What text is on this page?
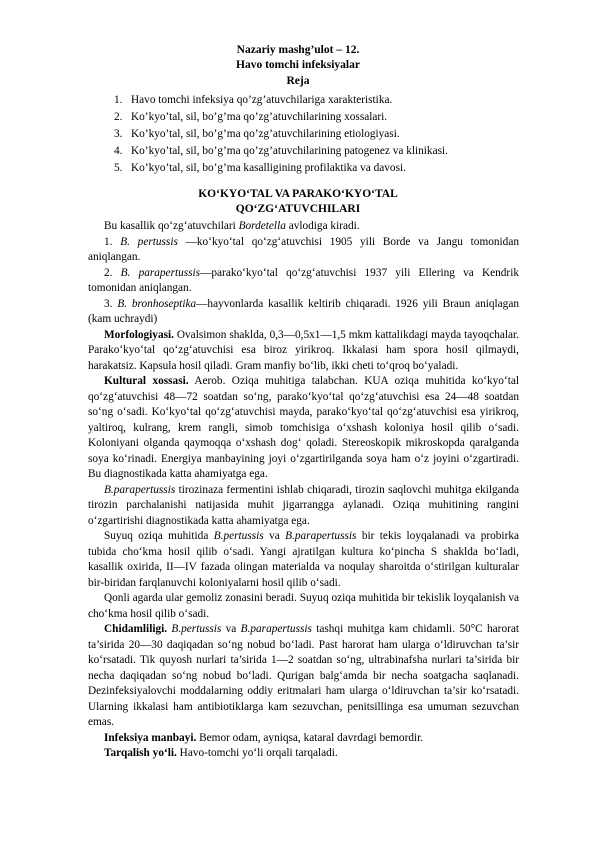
Nazariy mashg’ulot – 12.
Havo tomchi infeksiyalar
Reja
1. Havo tomchi infeksiya qo’zg’atuvchilariga xarakteristika.
2. Ko’kyo’tal, sil, bo’g’ma qo’zg’atuvchilarining xossalari.
3. Ko’kyo’tal, sil, bo’g’ma qo’zg’atuvchilarining etiologiyasi.
4. Ko’kyo’tal, sil, bo’g’ma qo’zg’atuvchilarining patogenez va klinikasi.
5. Ko’kyo’tal, sil, bo’g’ma kasalligining profilaktika va davosi.
KO‘KYO‘TAL VA PARAKO‘KYO‘TAL
QO‘ZG‘ATUVCHILARI

Bu kasallik qo‘zg‘atuvchilari Bordetella avlodiga kiradi.

1. B. pertussis —ko‘kyo‘tal qo‘zg‘atuvchisi 1905 yili Borde va Jangu tomonidan aniqlangan.

2. B. parapertussis—parako‘kyo‘tal qo‘zg‘atuvchisi 1937 yili Ellering va Kendrik tomonidan aniqlangan.

3. B. bronhoseptika—hayvonlarda kasallik keltirib chiqaradi. 1926 yili Braun aniqlagan (kam uchraydi)

Morfologiyasi. Ovalsimon shaklda, 0,3—0,5x1—1,5 mkm kattalikdagi mayda tayoqchalar. Parako‘kyo‘tal qo‘zg‘atuvchisi esa biroz yirikroq. Ikkalasi ham spora hosil qilmaydi, harakatsiz. Kapsula hosil qiladi. Gram manfiy bo‘lib, ikki cheti to‘qroq bo‘yaladi.

Kultural xossasi. Aerob. Oziqa muhitiga talabchan. KUA oziqa muhitida ko‘kyo‘tal qo‘zg‘atuvchisi 48—72 soatdan so‘ng, parako‘kyo‘tal qo‘zg‘atuvchisi esa 24—48 soatdan so‘ng o‘sadi. Ko‘kyo‘tal qo‘zg‘atuvchisi mayda, parako‘kyo‘tal qo‘zg‘atuvchisi esa yirikroq, yaltiroq, kulrang, krem rangli, simob tomchisiga o‘xshash koloniya hosil qilib o‘sadi. Koloniyani olganda qaymoqqa o‘xshash dog‘ qoladi. Stereoskopik mikroskopda qaralganda soya ko‘rinadi. Energiya manbayining joyi o‘zgartirilganda soya ham o‘z joyini o‘zgartiradi. Bu diagnostikada katta ahamiyatga ega.

B.parapertussis tirozinaza fermentini ishlab chiqaradi, tirozin saqlovchi muhitga ekilganda tirozin parchalanishi natijasida muhit jigarrangga aylanadi. Oziqa muhitining rangini o‘zgartirishi diagnostikada katta ahamiyatga ega.

Suyuq oziqa muhitida B.pertussis va B.parapertussis bir tekis loyqalanadi va probirka tubida cho‘kma hosil qilib o‘sadi. Yangi ajratilgan kultura ko‘pincha S shaklda bo‘ladi, kasallik oxirida, II—IV fazada olingan materialda va noqulay sharoitda o‘stirilgan kulturalar bir-biridan farqlanuvchi koloniyalarni hosil qilib o‘sadi.

Qonli agarda ular gemoliz zonasini beradi. Suyuq oziqa muhitida bir tekislik loyqalanish va cho‘kma hosil qilib o‘sadi.

Chidamliligi. B.pertussis va B.parapertussis tashqi muhitga kam chidamli. 50°C harorat ta’sirida 20—30 daqiqadan so‘ng nobud bo‘ladi. Past harorat ham ularga o‘ldiruvchan ta’sir ko‘rsatadi. Tik quyosh nurlari ta’sirida 1—2 soatdan so‘ng, ultrabinafsha nurlari ta’sirida bir necha daqiqadan so‘ng nobud bo‘ladi. Qurigan balg‘amda bir necha soatgacha saqlanadi. Dezinfeksiyalovchi moddalarning oddiy eritmalari ham ularga o‘ldiruvchan ta’sir ko‘rsatadi. Ularning ikkalasi ham antibiotiklarga kam sezuvchan, penitsillinga esa umuman sezuvchan emas.

Infeksiya manbayi. Bemor odam, ayniqsa, kataral davrdagi bemordir.

Tarqalish yo‘li. Havo-tomchi yo‘li orqali tarqaladi.
